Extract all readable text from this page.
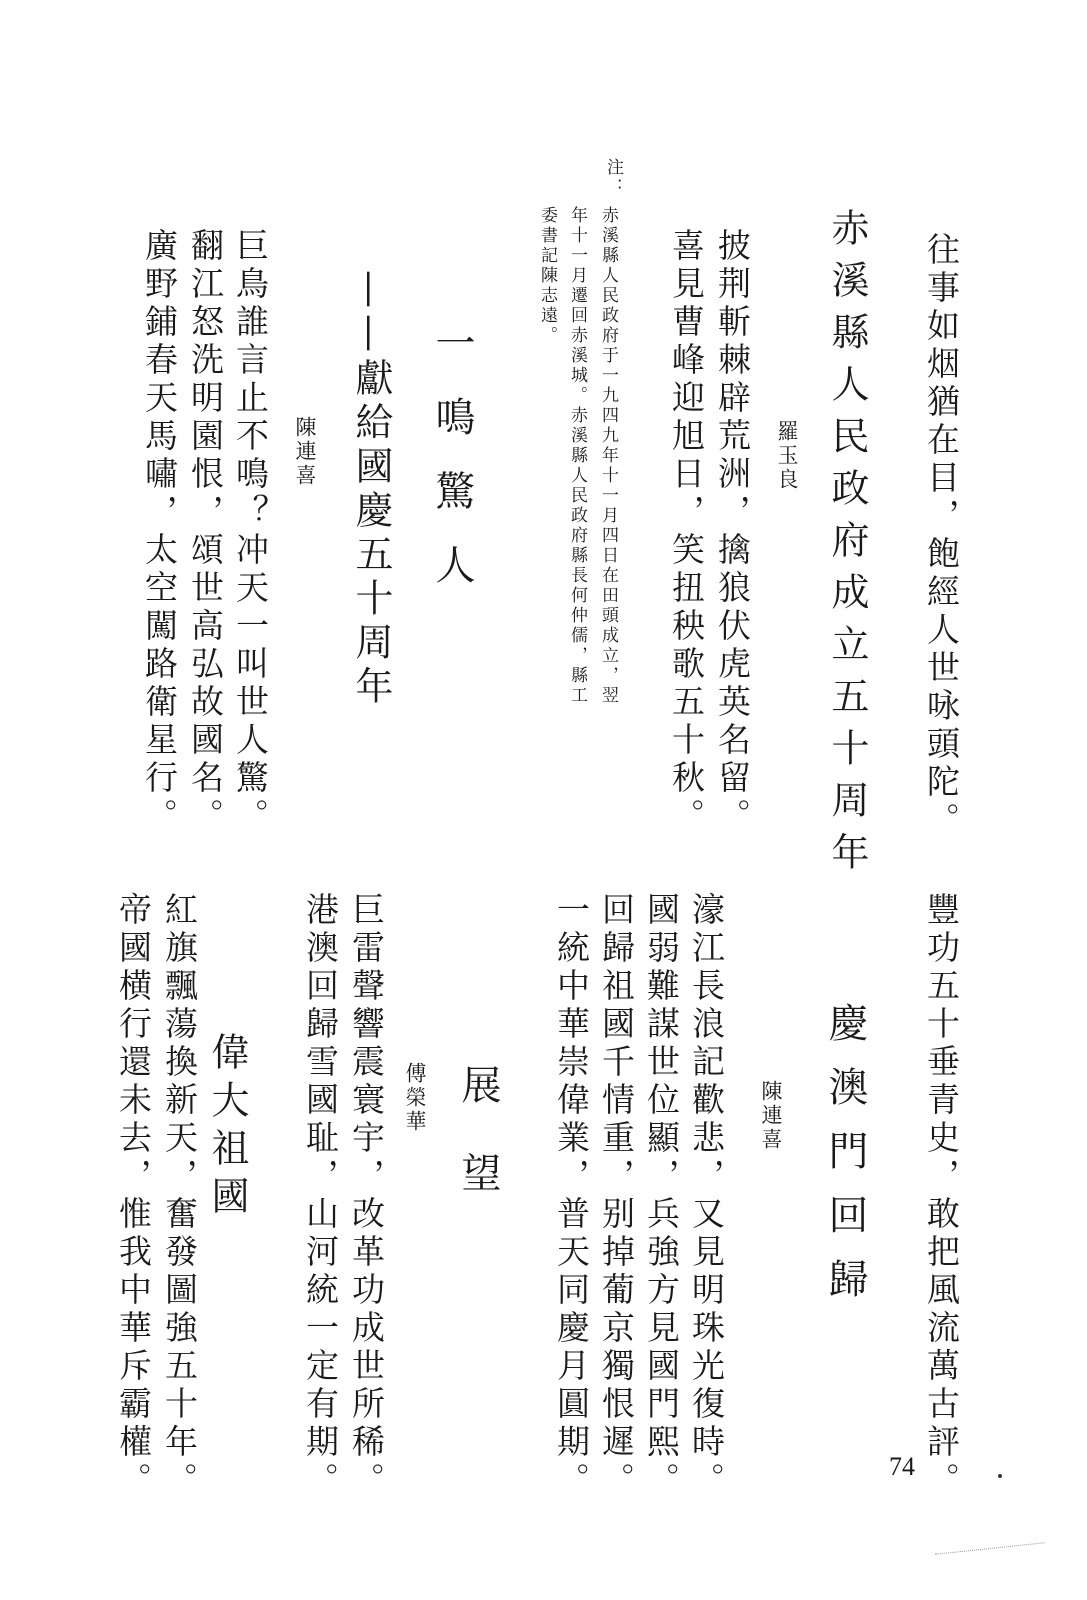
往事如烟猶在目，飽經人世咏頭陀。
赤溪縣人民政府成立五十周年
羅玉良
披荆斬棘辟荒洲，擒狼伏虎英名留。
喜見曹峰迎旭日，笑扭秧歌五十秋。
注：
赤溪縣人民政府于一九四九年十一月四日在田頭成立，翌
年十一月遷回赤溪城。赤溪縣人民政府縣長何仲儒，縣工
委書記陳志遠。
一鳴驚人
——獻給國慶五十周年
陳連喜
巨鳥誰言止不鳴？冲天一叫世人驚。
翻江怒洗明園恨，頌世高弘故國名。
廣野鋪春天馬嘯，太空闖路衛星行。
豐功五十垂青史，敢把風流萬古評。
慶澳門回歸
陳連喜
濠江長浪記歡悲，又見明珠光復時。
國弱難謀世位顯，兵強方見國門熙。
回歸祖國千情重，别掉葡京獨恨遲。
一統中華崇偉業，普天同慶月圓期。
展望
傅榮華
巨雷聲響震寰宇，改革功成世所稀。
港澳回歸雪國耻，山河統一定有期。
偉大祖國
紅旗飄蕩換新天，奮發圖強五十年。
帝國横行還未去，惟我中華斥霸權。	74
